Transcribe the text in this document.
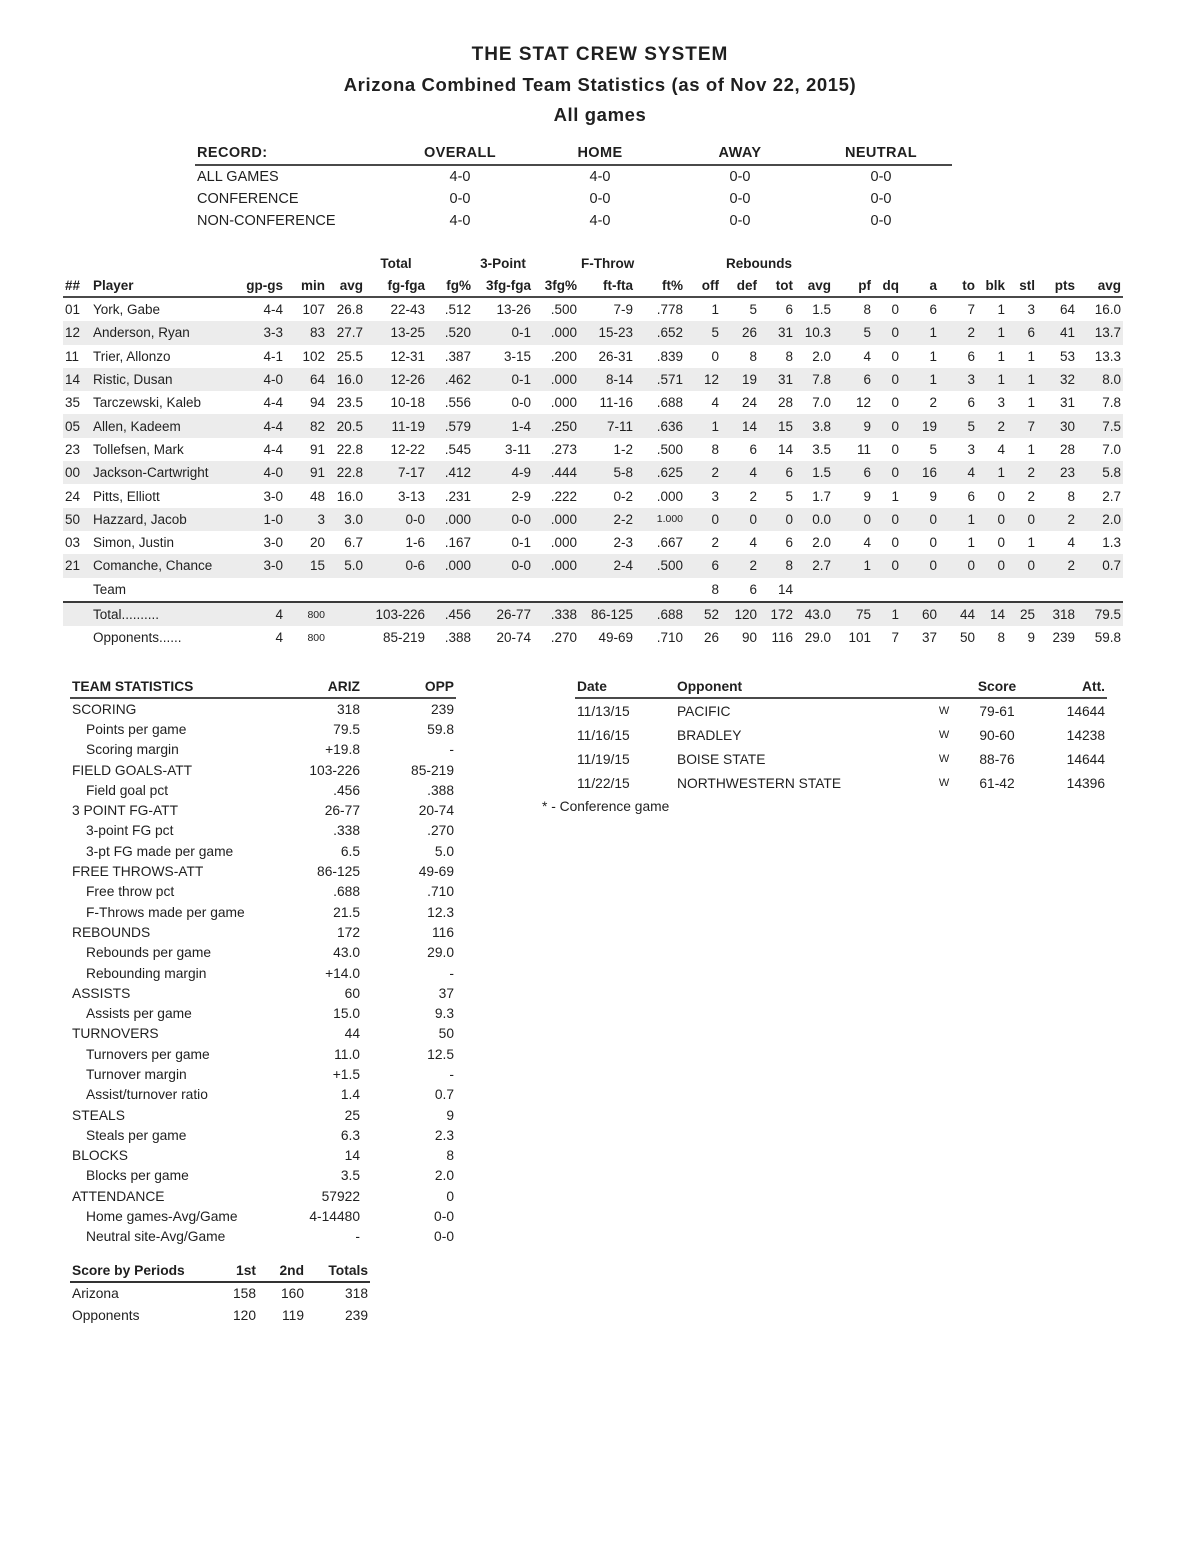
THE STAT CREW SYSTEM
Arizona Combined Team Statistics (as of Nov 22, 2015)
All games
RECORD:	OVERALL	HOME	AWAY	NEUTRAL
ALL GAMES	4-0	4-0	0-0	0-0
CONFERENCE	0-0	0-0	0-0	0-0
NON-CONFERENCE	4-0	4-0	0-0	0-0
					Total		3-Point		F-Throw		Rebounds											
##	Player	gp-gs	min	avg	fg-fga	fg%	3fg-fga	3fg%	ft-fta	ft%	off	def	tot	avg	pf	dq	a	to	blk	stl	pts	avg
01	York, Gabe	4-4	107	26.8	22-43	.512	13-26	.500	7-9	.778	1	5	6	1.5	8	0	6	7	1	3	64	16.0
12	Anderson, Ryan	3-3	83	27.7	13-25	.520	0-1	.000	15-23	.652	5	26	31	10.3	5	0	1	2	1	6	41	13.7
11	Trier, Allonzo	4-1	102	25.5	12-31	.387	3-15	.200	26-31	.839	0	8	8	2.0	4	0	1	6	1	1	53	13.3
14	Ristic, Dusan	4-0	64	16.0	12-26	.462	0-1	.000	8-14	.571	12	19	31	7.8	6	0	1	3	1	1	32	8.0
35	Tarczewski, Kaleb	4-4	94	23.5	10-18	.556	0-0	.000	11-16	.688	4	24	28	7.0	12	0	2	6	3	1	31	7.8
05	Allen, Kadeem	4-4	82	20.5	11-19	.579	1-4	.250	7-11	.636	1	14	15	3.8	9	0	19	5	2	7	30	7.5
23	Tollefsen, Mark	4-4	91	22.8	12-22	.545	3-11	.273	1-2	.500	8	6	14	3.5	11	0	5	3	4	1	28	7.0
00	Jackson-Cartwright	4-0	91	22.8	7-17	.412	4-9	.444	5-8	.625	2	4	6	1.5	6	0	16	4	1	2	23	5.8
24	Pitts, Elliott	3-0	48	16.0	3-13	.231	2-9	.222	0-2	.000	3	2	5	1.7	9	1	9	6	0	2	8	2.7
50	Hazzard, Jacob	1-0	3	3.0	0-0	.000	0-0	.000	2-2	1.000	0	0	0	0.0	0	0	0	1	0	0	2	2.0
03	Simon, Justin	3-0	20	6.7	1-6	.167	0-1	.000	2-3	.667	2	4	6	2.0	4	0	0	1	0	1	4	1.3
21	Comanche, Chance	3-0	15	5.0	0-6	.000	0-0	.000	2-4	.500	6	2	8	2.7	1	0	0	0	0	0	2	0.7
	Team										8	6	14									
	Total..........	4	800		103-226	.456	26-77	.338	86-125	.688	52	120	172	43.0	75	1	60	44	14	25	318	79.5
	Opponents......	4	800		85-219	.388	20-74	.270	49-69	.710	26	90	116	29.0	101	7	37	50	8	9	239	59.8
TEAM STATISTICS	ARIZ	OPP
SCORING	318	239
Points per game	79.5	59.8
Scoring margin	+19.8	-
FIELD GOALS-ATT	103-226	85-219
Field goal pct	.456	.388
3 POINT FG-ATT	26-77	20-74
3-point FG pct	.338	.270
3-pt FG made per game	6.5	5.0
FREE THROWS-ATT	86-125	49-69
Free throw pct	.688	.710
F-Throws made per game	21.5	12.3
REBOUNDS	172	116
Rebounds per game	43.0	29.0
Rebounding margin	+14.0	-
ASSISTS	60	37
Assists per game	15.0	9.3
TURNOVERS	44	50
Turnovers per game	11.0	12.5
Turnover margin	+1.5	-
Assist/turnover ratio	1.4	0.7
STEALS	25	9
Steals per game	6.3	2.3
BLOCKS	14	8
Blocks per game	3.5	2.0
ATTENDANCE	57922	0
Home games-Avg/Game	4-14480	0-0
Neutral site-Avg/Game	-	0-0
Date	Opponent		Score	Att.
11/13/15	PACIFIC	W	79-61	14644
11/16/15	BRADLEY	W	90-60	14238
11/19/15	BOISE STATE	W	88-76	14644
11/22/15	NORTHWESTERN STATE	W	61-42	14396
* - Conference game
Score by Periods	1st	2nd	Totals
Arizona	158	160	318
Opponents	120	119	239
